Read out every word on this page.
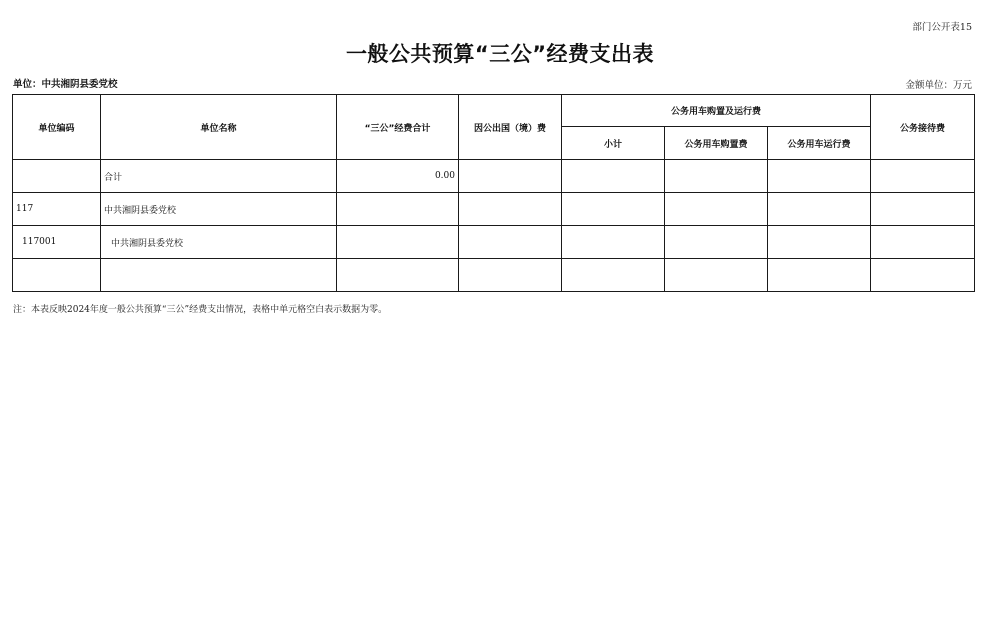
部门公开表15
一般公共预算“三公”经费支出表
单位：中共湘阴县委党校	金额单位：万元
单位编码	单位名称	“三公”经费合计	因公出国（境）费	公务用车购置及运行费			公务接待费
				小计	公务用车购置费	公务用车运行费	
	合计	0.00					
117	中共湘阴县委党校						
117001	中共湘阴县委党校						

注：本表反映2024年度一般公共预算“三公”经费支出情况，表格中单元格空白表示数据为零。
